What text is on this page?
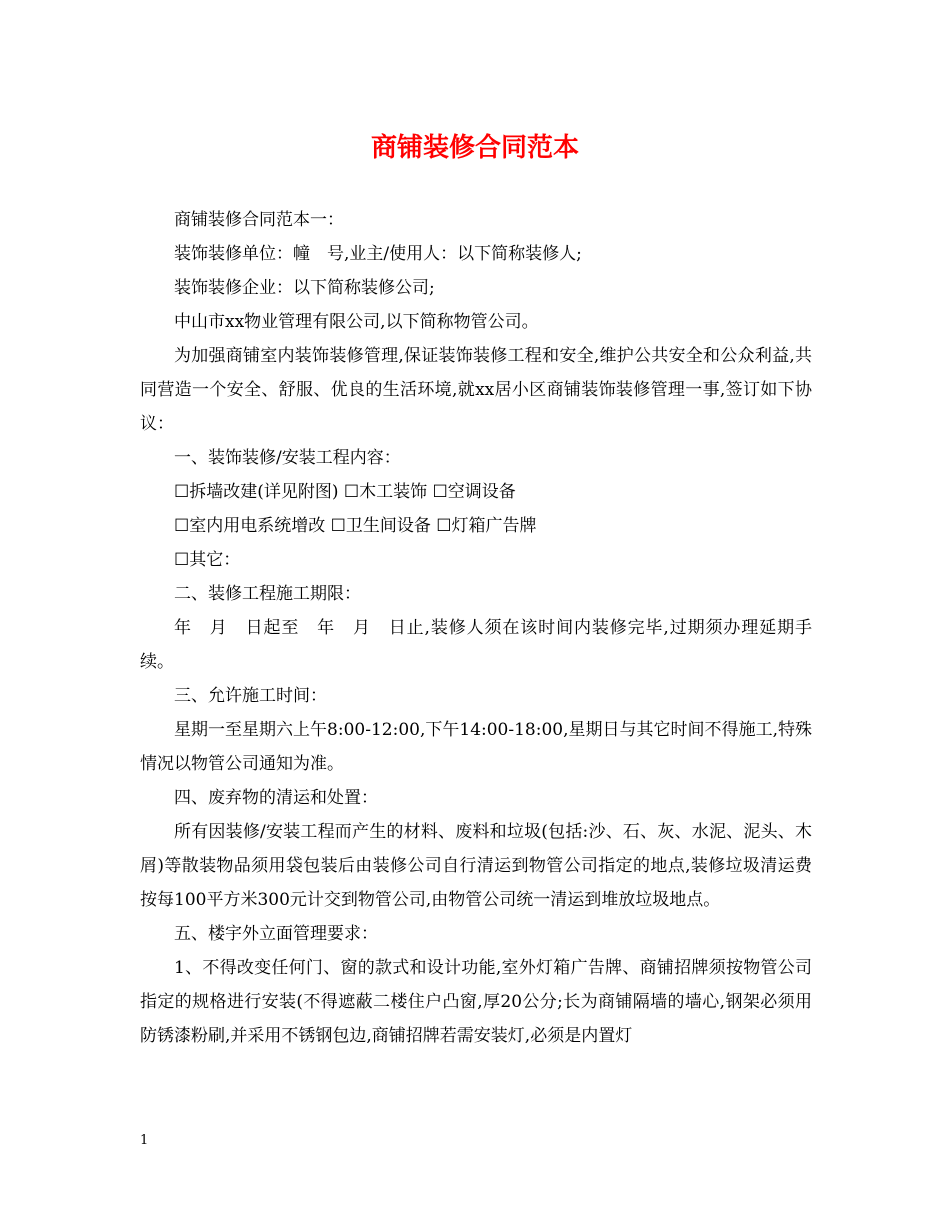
商铺装修合同范本

商铺装修合同范本一：

装饰装修单位：幢　号,业主/使用人：以下简称装修人;

装饰装修企业：以下简称装修公司;

中山市xx物业管理有限公司,以下简称物管公司。

为加强商铺室内装饰装修管理,保证装饰装修工程和安全,维护公共安全和公众利益,共同营造一个安全、舒服、优良的生活环境,就xx居小区商铺装饰装修管理一事,签订如下协议：

一、装饰装修/安装工程内容：

☐拆墙改建(详见附图) ☐木工装饰 ☐空调设备

☐室内用电系统增改 ☐卫生间设备 ☐灯箱广告牌

☐其它：

二、装修工程施工期限：

年　月　日起至　年　月　日止,装修人须在该时间内装修完毕,过期须办理延期手续。

三、允许施工时间：

星期一至星期六上午8:00-12:00,下午14:00-18:00,星期日与其它时间不得施工,特殊情况以物管公司通知为准。

四、废弃物的清运和处置：

所有因装修/安装工程而产生的材料、废料和垃圾(包括:沙、石、灰、水泥、泥头、木屑)等散装物品须用袋包装后由装修公司自行清运到物管公司指定的地点,装修垃圾清运费按每100平方米300元计交到物管公司,由物管公司统一清运到堆放垃圾地点。

五、楼宇外立面管理要求：

1、不得改变任何门、窗的款式和设计功能,室外灯箱广告牌、商铺招牌须按物管公司指定的规格进行安装(不得遮蔽二楼住户凸窗,厚20公分;长为商铺隔墙的墙心,钢架必须用防锈漆粉刷,并采用不锈钢包边,商铺招牌若需安装灯,必须是内置灯

1
